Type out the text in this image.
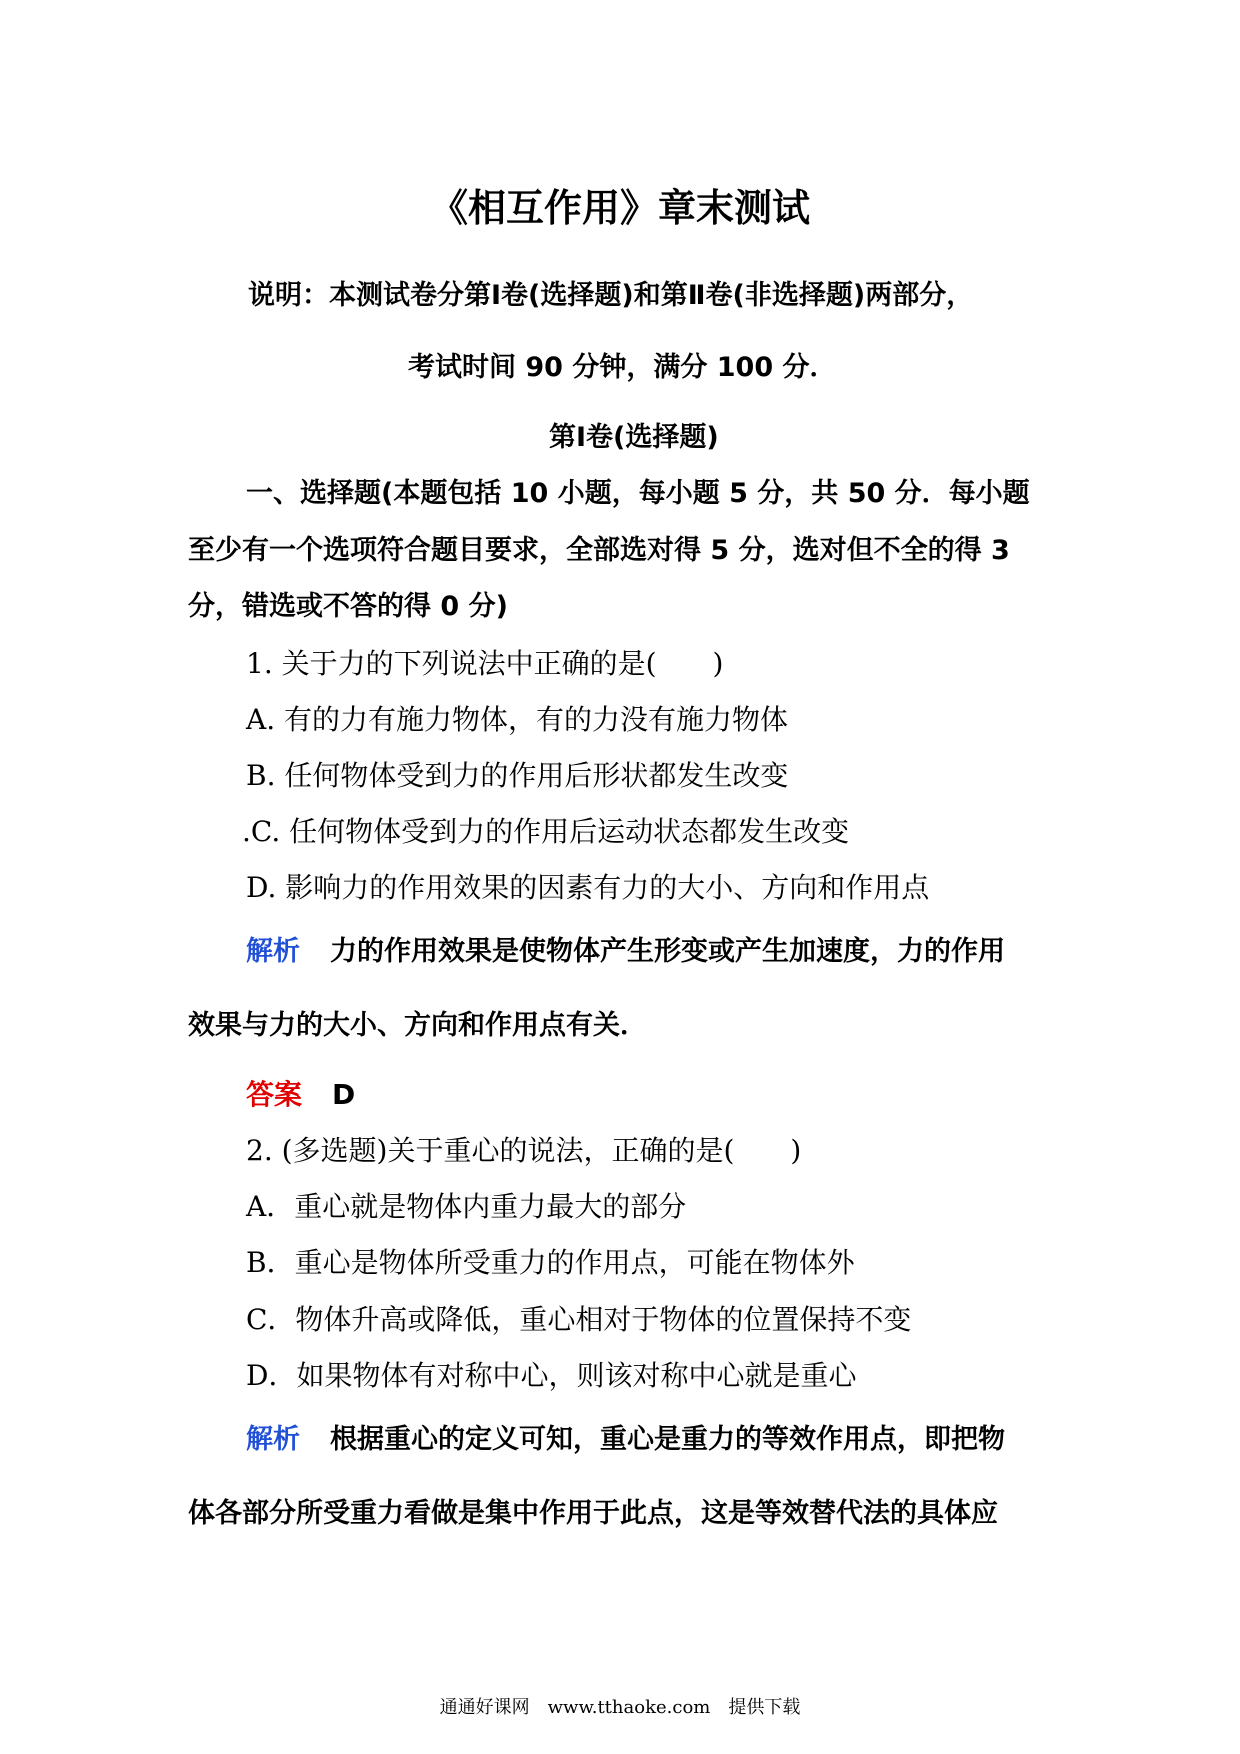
《相互作用》章末测试
说明：本测试卷分第Ⅰ卷(选择题)和第Ⅱ卷(非选择题)两部分，
考试时间 90 分钟，满分 100 分．
第Ⅰ卷(选择题)
一、选择题(本题包括 10 小题，每小题 5 分，共 50 分．每小题
至少有一个选项符合题目要求，全部选对得 5 分，选对但不全的得 3
分，错选或不答的得 0 分)
1. 关于力的下列说法中正确的是(　　)
A. 有的力有施力物体，有的力没有施力物体
B. 任何物体受到力的作用后形状都发生改变
.C. 任何物体受到力的作用后运动状态都发生改变
D. 影响力的作用效果的因素有力的大小、方向和作用点
解析 力的作用效果是使物体产生形变或产生加速度，力的作用
效果与力的大小、方向和作用点有关．
答案 D
2. (多选题)关于重心的说法，正确的是(　　)
A．重心就是物体内重力最大的部分
B．重心是物体所受重力的作用点，可能在物体外
C．物体升高或降低，重心相对于物体的位置保持不变
D．如果物体有对称中心，则该对称中心就是重心
解析 根据重心的定义可知，重心是重力的等效作用点，即把物
体各部分所受重力看做是集中作用于此点，这是等效替代法的具体应
通通好课网　www.tthaoke.com　提供下载
